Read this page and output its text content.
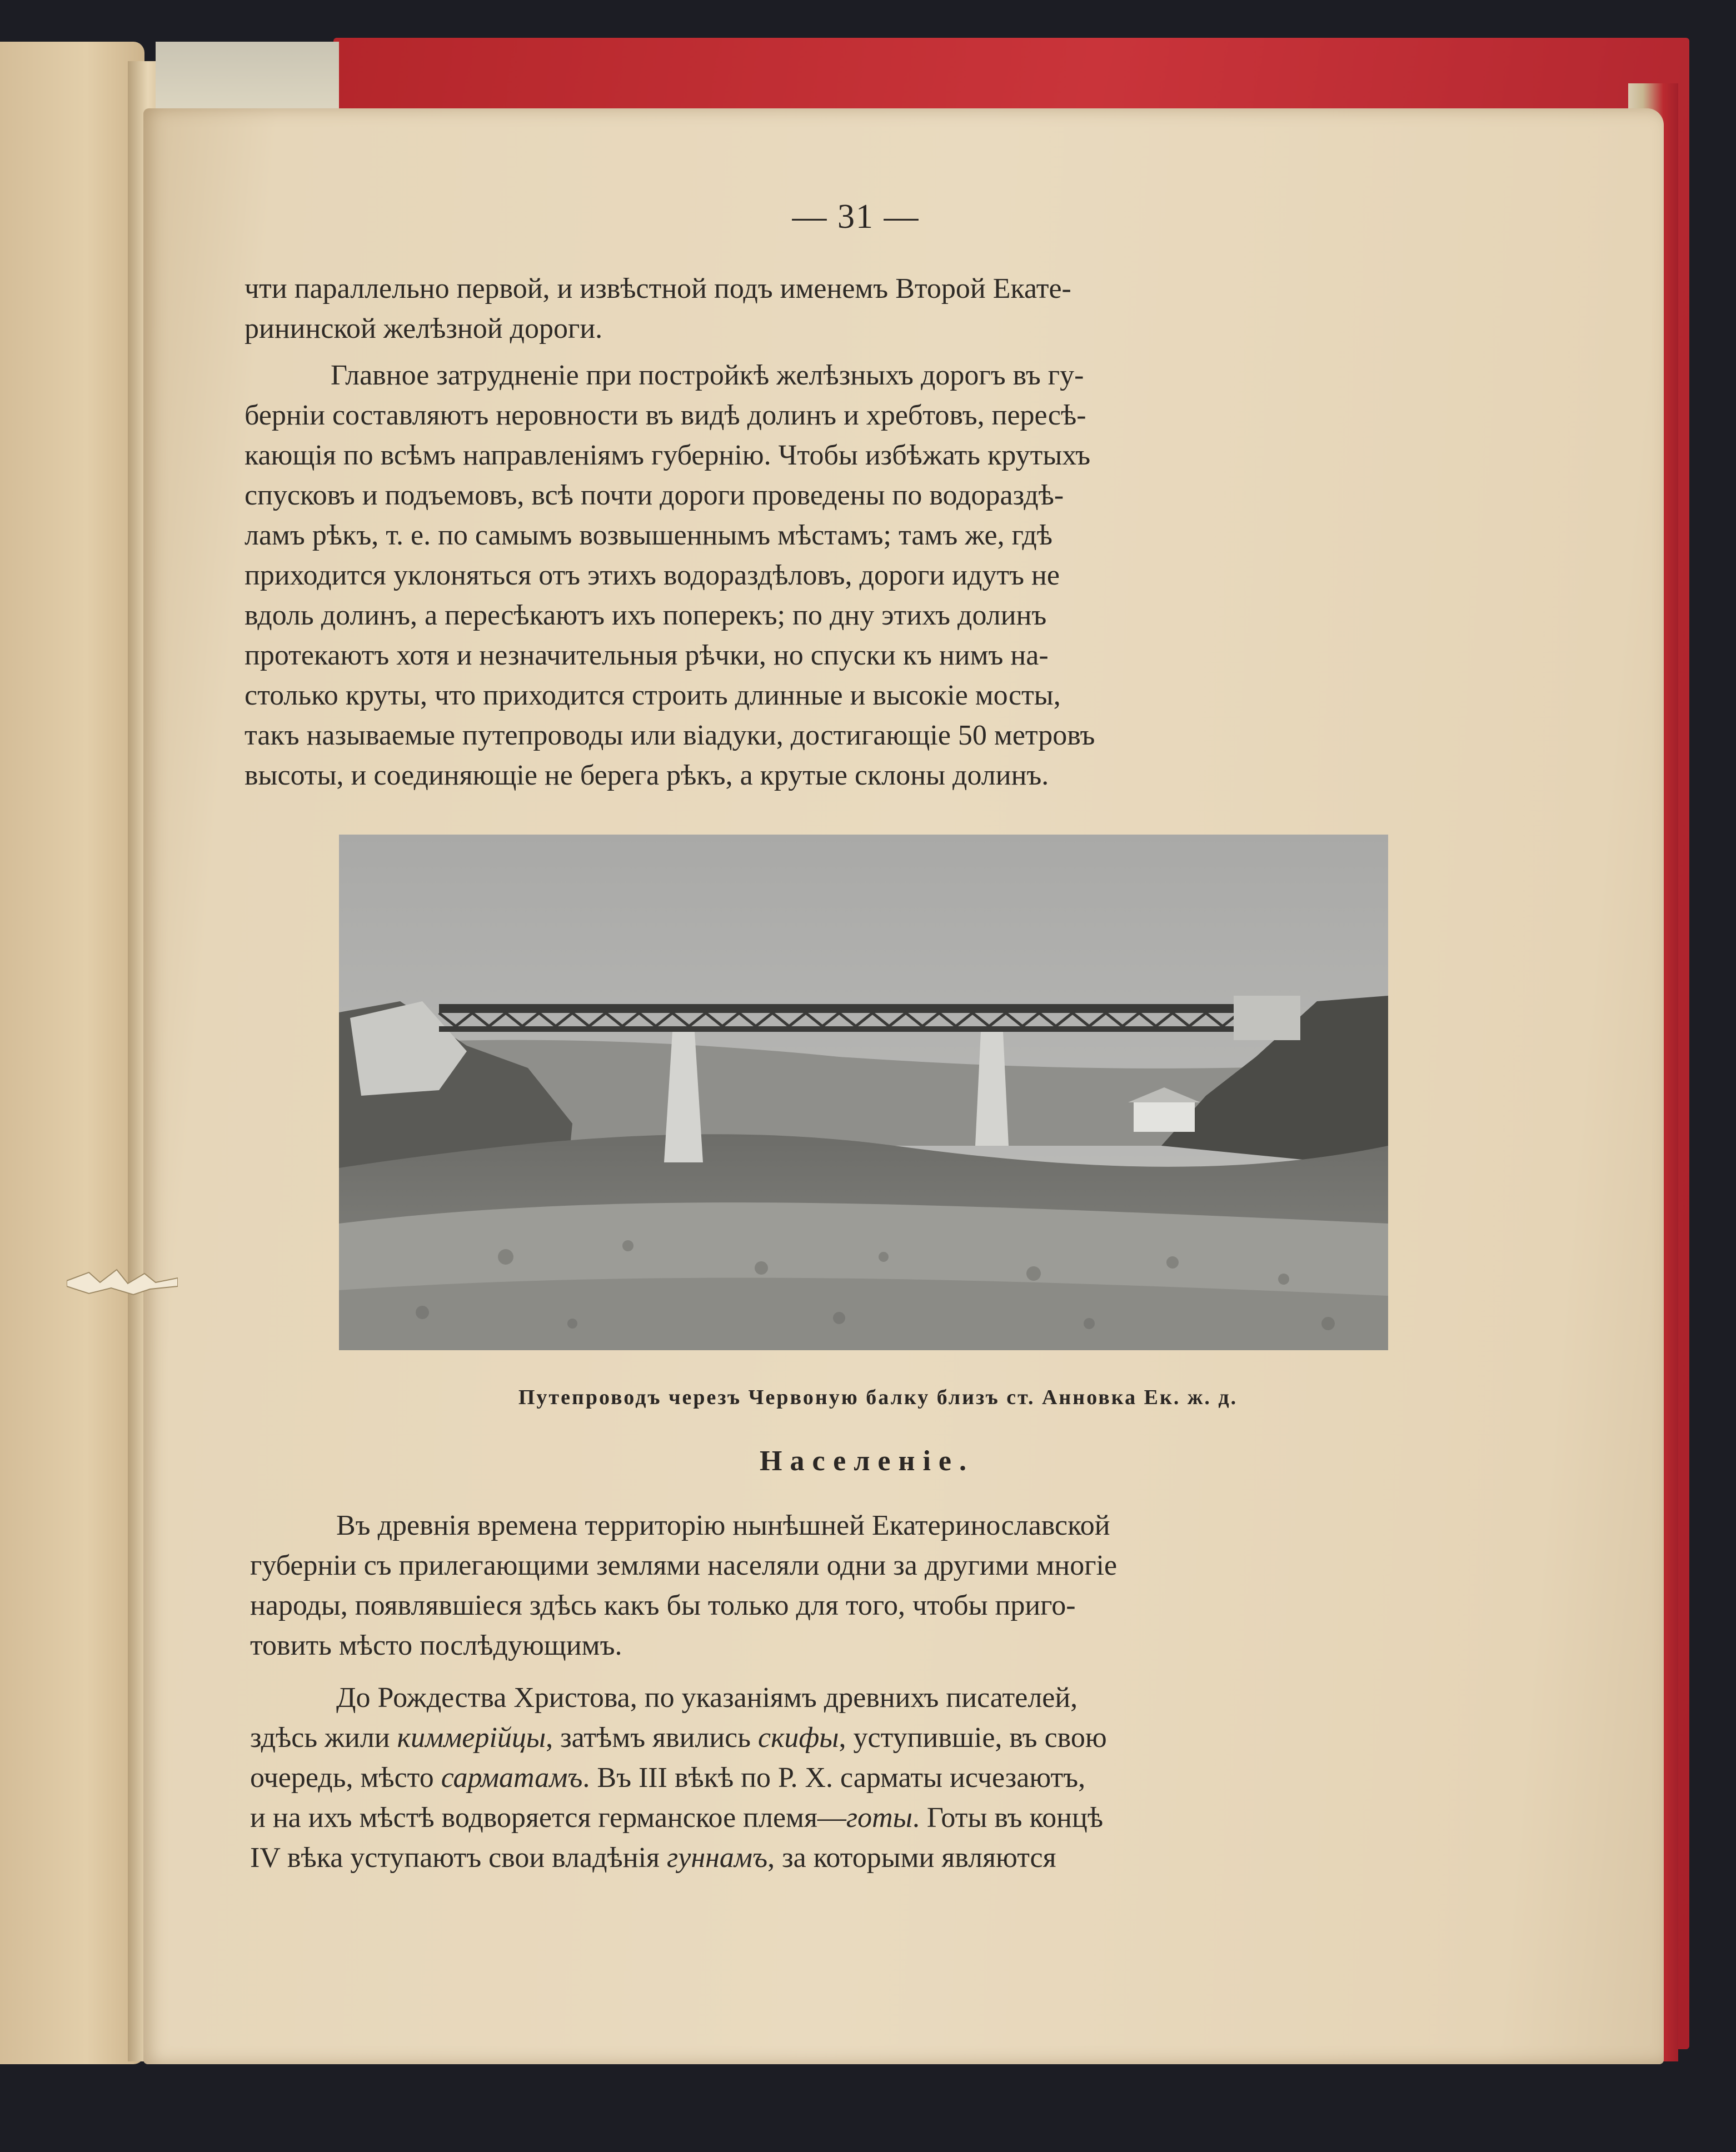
— 31 —
чти параллельно первой, и извѣстной подъ именемъ Второй Екате-
рининской желѣзной дороги.
Главное затрудненіе при постройкѣ желѣзныхъ дорогъ въ гу-
берніи составляютъ неровности въ видѣ долинъ и хребтовъ, пересѣ-
кающія по всѣмъ направленіямъ губернію. Чтобы избѣжать крутыхъ
спусковъ и подъемовъ, всѣ почти дороги проведены по водораздѣ-
ламъ рѣкъ, т. е. по самымъ возвышеннымъ мѣстамъ; тамъ же, гдѣ
приходится уклоняться отъ этихъ водораздѣловъ, дороги идутъ не
вдоль долинъ, а пересѣкаютъ ихъ поперекъ; по дну этихъ долинъ
протекаютъ хотя и незначительныя рѣчки, но спуски къ нимъ на-
столько круты, что приходится строить длинные и высокіе мосты,
такъ называемые путепроводы или віадуки, достигающіе 50 метровъ
высоты, и соединяющіе не берега рѣкъ, а крутые склоны долинъ.
Путепроводъ черезъ Червоную балку близъ ст. Анновка Ек. ж. д.
Населеніе.
Въ древнія времена территорію нынѣшней Екатеринославской
губерніи съ прилегающими землями населяли одни за другими многіе
народы, появлявшіеся здѣсь какъ бы только для того, чтобы приго-
товить мѣсто послѣдующимъ.
До Рождества Христова, по указаніямъ древнихъ писателей,
здѣсь жили киммерійцы, затѣмъ явились скифы, уступившіе, въ свою
очередь, мѣсто сарматамъ. Въ III вѣкѣ по Р. Х. сарматы исчезаютъ,
и на ихъ мѣстѣ водворяется германское племя—готы. Готы въ концѣ
IV вѣка уступаютъ свои владѣнія гуннамъ, за которыми являются
